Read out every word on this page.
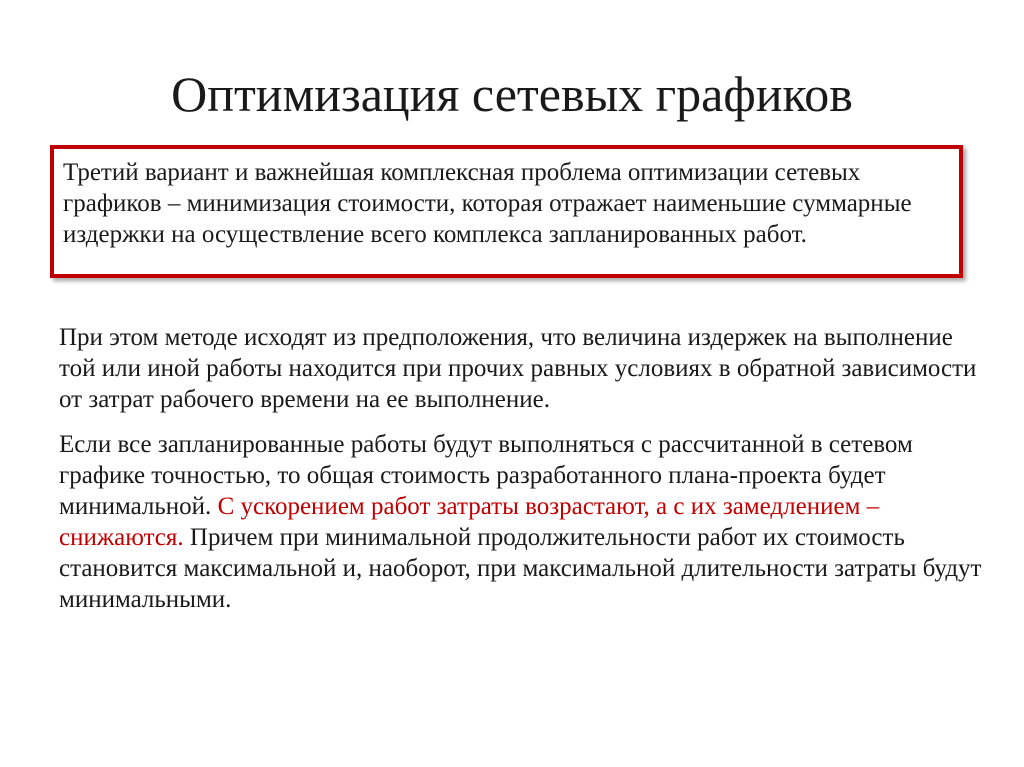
Оптимизация сетевых графиков
Третий вариант и важнейшая комплексная проблема оптимизации сетевых графиков – минимизация стоимости, которая отражает наименьшие суммарные издержки на осуществление всего комплекса запланированных работ.

При этом методе исходят из предположения, что величина издержек на выполнение той или иной работы находится при прочих равных условиях в обратной зависимости от затрат рабочего времени на ее выполнение.

Если все запланированные работы будут выполняться с рассчитанной в сетевом графике точностью, то общая стоимость разработанного плана-проекта будет минимальной. С ускорением работ затраты возрастают, а с их замедлением – снижаются. Причем при минимальной продолжительности работ их стоимость становится максимальной и, наоборот, при максимальной длительности затраты будут минимальными.
